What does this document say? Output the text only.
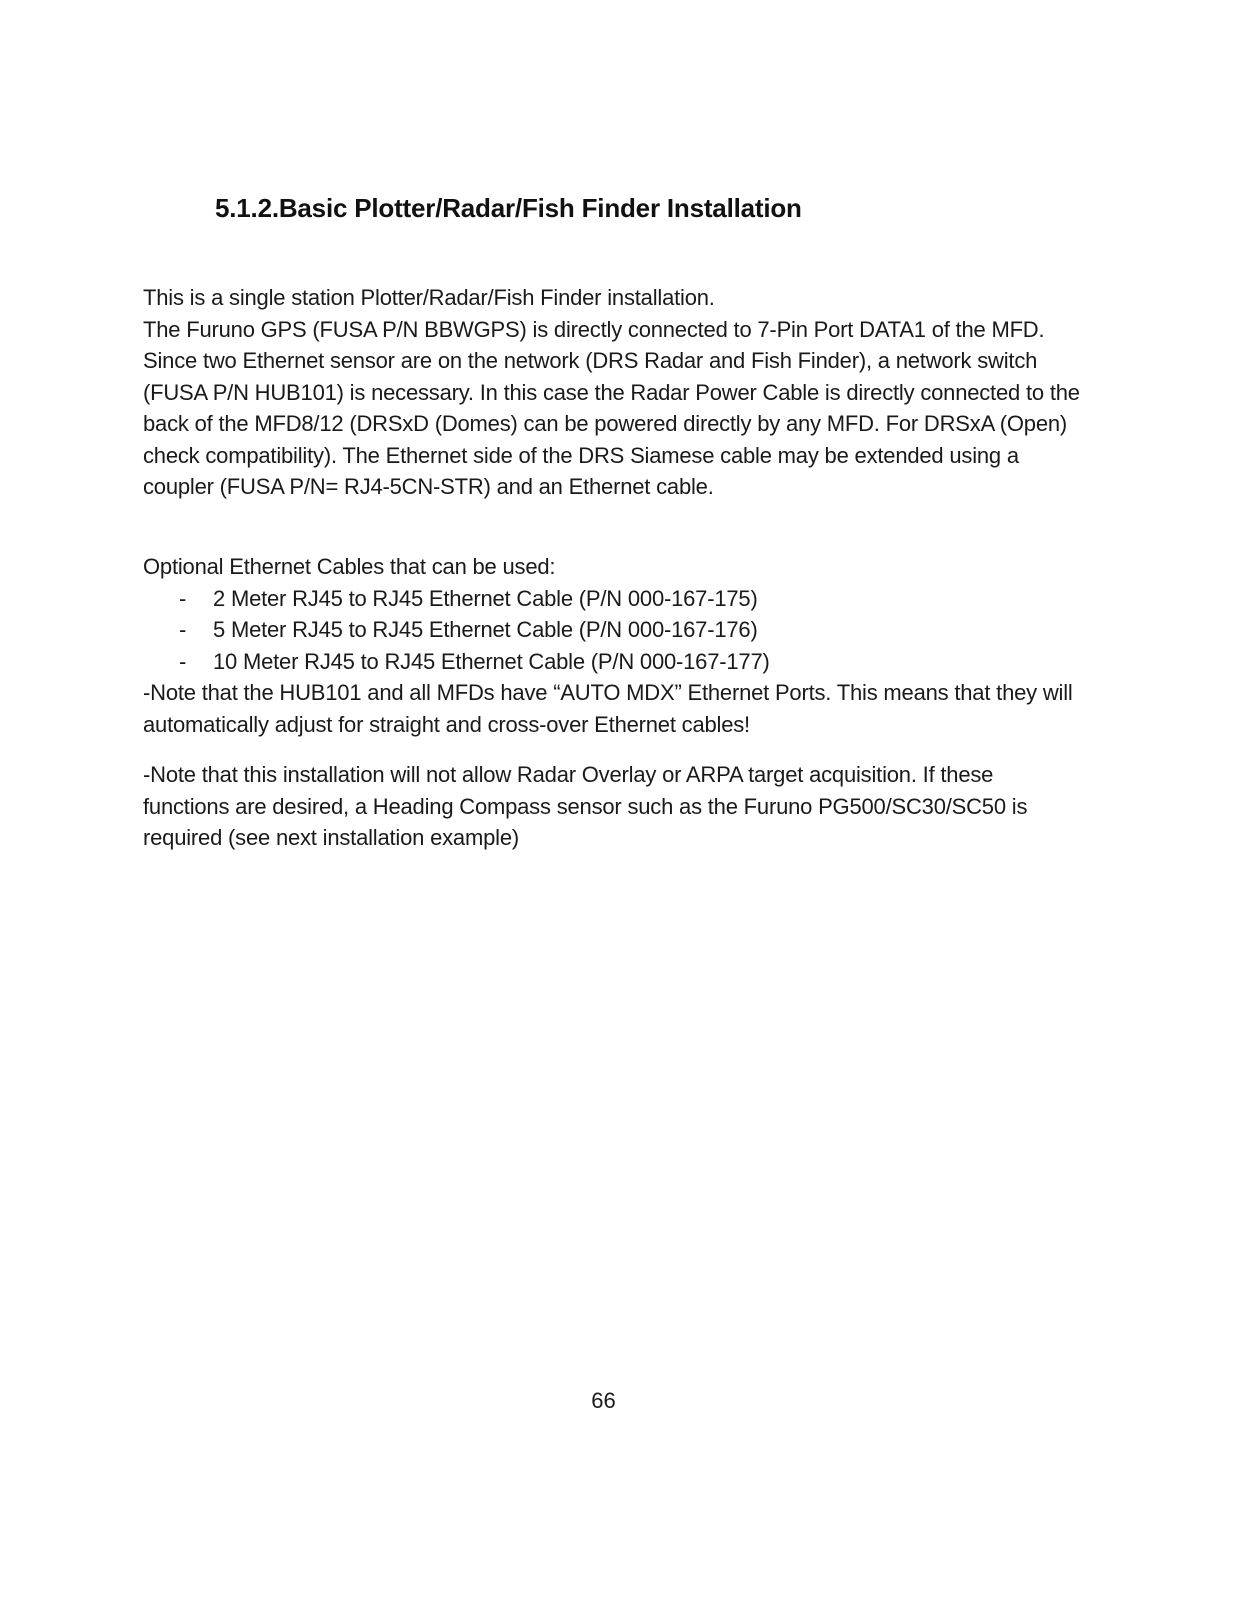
5.1.2.Basic Plotter/Radar/Fish Finder Installation

This is a single station Plotter/Radar/Fish Finder installation.

The Furuno GPS (FUSA P/N BBWGPS) is directly connected to 7-Pin Port DATA1 of the MFD. Since two Ethernet sensor are on the network (DRS Radar and Fish Finder), a network switch (FUSA P/N HUB101) is necessary. In this case the Radar Power Cable is directly connected to the back of the MFD8/12 (DRSxD (Domes) can be powered directly by any MFD. For DRSxA (Open) check compatibility). The Ethernet side of the DRS Siamese cable may be extended using a coupler (FUSA P/N= RJ4-5CN-STR) and an Ethernet cable.

Optional Ethernet Cables that can be used:

- 2 Meter RJ45 to RJ45 Ethernet Cable (P/N 000-167-175)
- 5 Meter RJ45 to RJ45 Ethernet Cable (P/N 000-167-176)
- 10 Meter RJ45 to RJ45 Ethernet Cable (P/N 000-167-177)

-Note that the HUB101 and all MFDs have “AUTO MDX” Ethernet Ports. This means that they will automatically adjust for straight and cross-over Ethernet cables!

-Note that this installation will not allow Radar Overlay or ARPA target acquisition. If these functions are desired, a Heading Compass sensor such as the Furuno PG500/SC30/SC50 is required (see next installation example)

66
